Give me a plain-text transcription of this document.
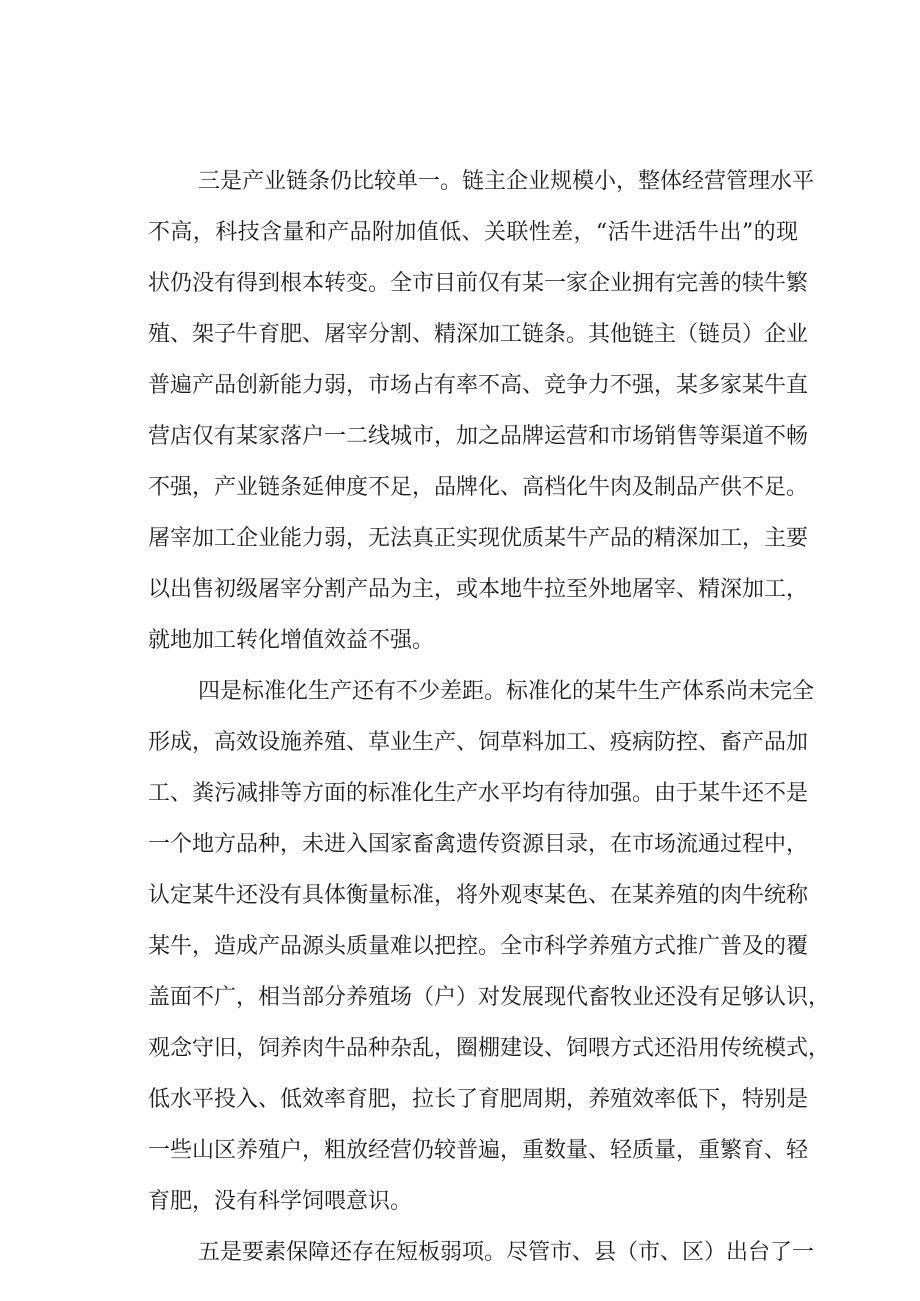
三是产业链条仍比较单一。链主企业规模小，整体经营管理水平
不高，科技含量和产品附加值低、关联性差，“活牛进活牛出”的现
状仍没有得到根本转变。全市目前仅有某一家企业拥有完善的犊牛繁
殖、架子牛育肥、屠宰分割、精深加工链条。其他链主（链员）企业
普遍产品创新能力弱，市场占有率不高、竞争力不强，某多家某牛直
营店仅有某家落户一二线城市，加之品牌运营和市场销售等渠道不畅
不强，产业链条延伸度不足，品牌化、高档化牛肉及制品产供不足。
屠宰加工企业能力弱，无法真正实现优质某牛产品的精深加工，主要
以出售初级屠宰分割产品为主，或本地牛拉至外地屠宰、精深加工，
就地加工转化增值效益不强。
四是标准化生产还有不少差距。标准化的某牛生产体系尚未完全
形成，高效设施养殖、草业生产、饲草料加工、疫病防控、畜产品加
工、粪污减排等方面的标准化生产水平均有待加强。由于某牛还不是
一个地方品种，未进入国家畜禽遗传资源目录，在市场流通过程中，
认定某牛还没有具体衡量标准，将外观枣某色、在某养殖的肉牛统称
某牛，造成产品源头质量难以把控。全市科学养殖方式推广普及的覆
盖面不广，相当部分养殖场（户）对发展现代畜牧业还没有足够认识，
观念守旧，饲养肉牛品种杂乱，圈棚建设、饲喂方式还沿用传统模式，
低水平投入、低效率育肥，拉长了育肥周期，养殖效率低下，特别是
一些山区养殖户，粗放经营仍较普遍，重数量、轻质量，重繁育、轻
育肥，没有科学饲喂意识。
五是要素保障还存在短板弱项。尽管市、县（市、区）出台了一
